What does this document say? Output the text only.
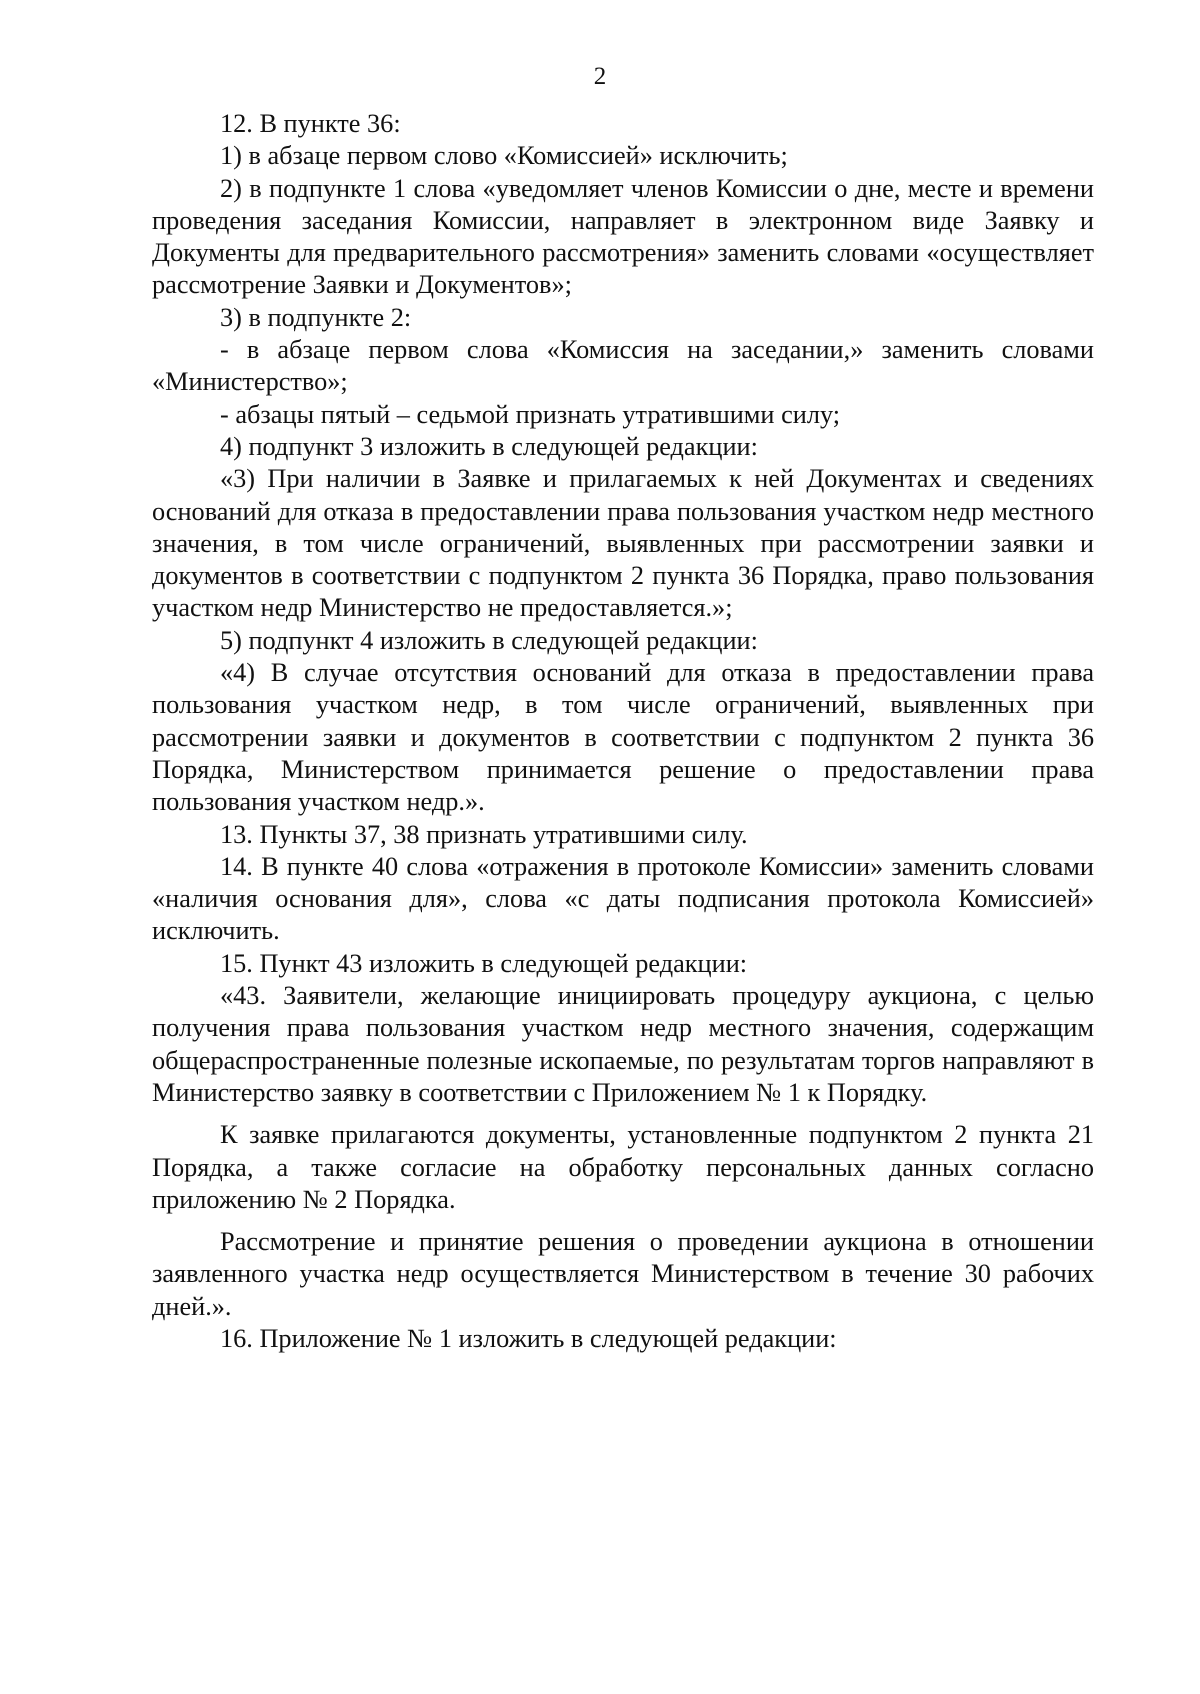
2

12. В пункте 36:

1) в абзаце первом слово «Комиссией» исключить;

2) в подпункте 1 слова «уведомляет членов Комиссии о дне, месте и времени проведения заседания Комиссии, направляет в электронном виде Заявку и Документы для предварительного рассмотрения» заменить словами «осуществляет рассмотрение Заявки и Документов»;

3) в подпункте 2:

- в абзаце первом слова «Комиссия на заседании,» заменить словами «Министерство»;

- абзацы пятый – седьмой признать утратившими силу;

4) подпункт 3 изложить в следующей редакции:

«3) При наличии в Заявке и прилагаемых к ней Документах и сведениях оснований для отказа в предоставлении права пользования участком недр местного значения, в том числе ограничений, выявленных при рассмотрении заявки и документов в соответствии с подпунктом 2 пункта 36 Порядка, право пользования участком недр Министерство не предоставляется.»;

5) подпункт 4 изложить в следующей редакции:

«4) В случае отсутствия оснований для отказа в предоставлении права пользования участком недр, в том числе ограничений, выявленных при рассмотрении заявки и документов в соответствии с подпунктом 2 пункта 36 Порядка, Министерством принимается решение о предоставлении права пользования участком недр.».

13. Пункты 37, 38 признать утратившими силу.

14. В пункте 40 слова «отражения в протоколе Комиссии» заменить словами «наличия основания для», слова «с даты подписания протокола Комиссией» исключить.

15. Пункт 43 изложить в следующей редакции:

«43. Заявители, желающие инициировать процедуру аукциона, с целью получения права пользования участком недр местного значения, содержащим общераспространенные полезные ископаемые, по результатам торгов направляют в Министерство заявку в соответствии с Приложением № 1 к Порядку.

К заявке прилагаются документы, установленные подпунктом 2 пункта 21 Порядка, а также согласие на обработку персональных данных согласно приложению № 2 Порядка.

Рассмотрение и принятие решения о проведении аукциона в отношении заявленного участка недр осуществляется Министерством в течение 30 рабочих дней.».

16. Приложение № 1 изложить в следующей редакции:
